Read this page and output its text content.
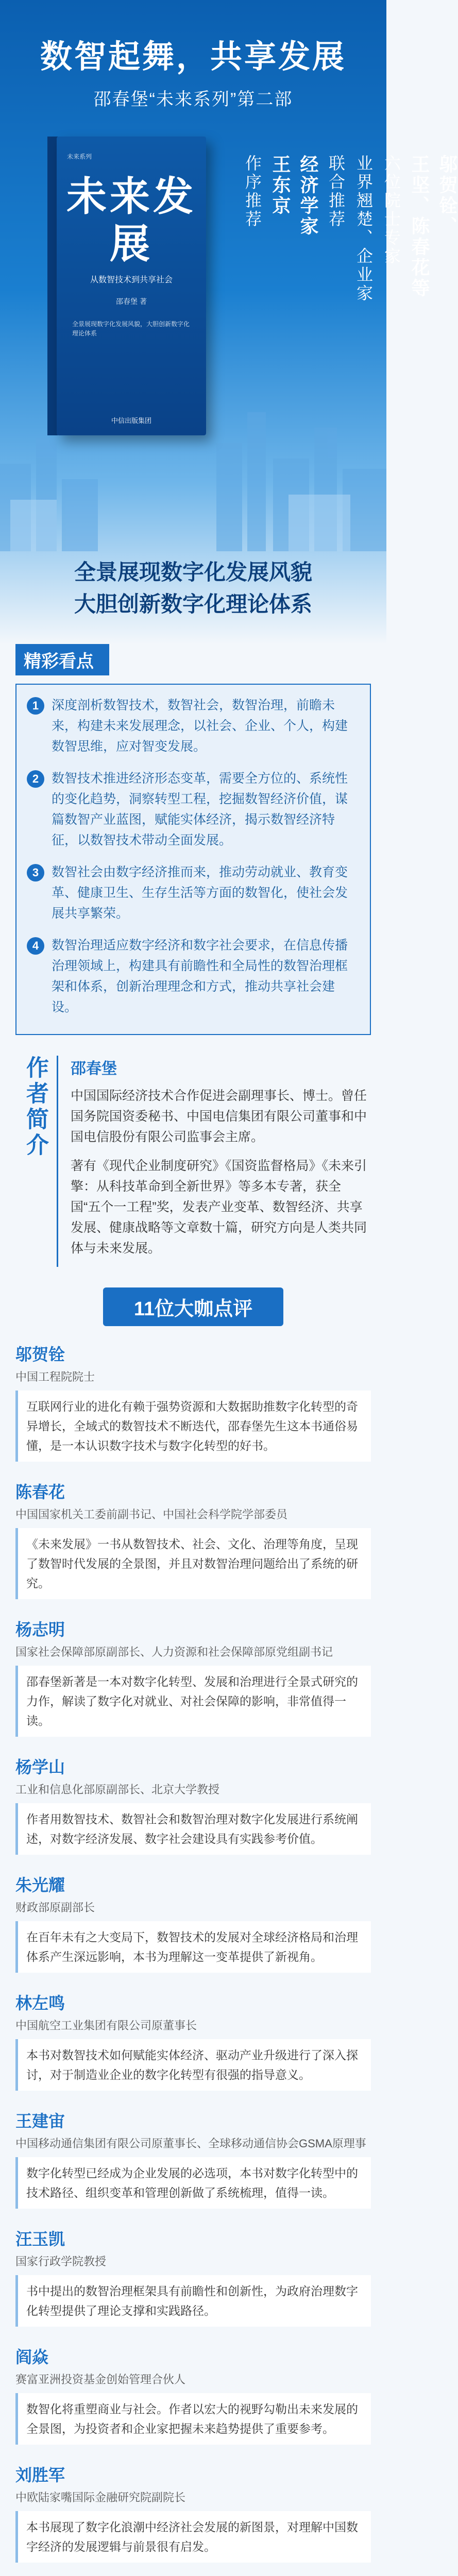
数智起舞，共享发展
邵春堡“未来系列”第二部
未来系列
未来发展
从数智技术到共享社会
邵春堡 著
全景展现数字化发展风貌，大胆创新数字化理论体系
中信出版集团
邬贺铨、
王坚、陈春花等
六位院士专家
业界翘楚、企业家
联合推荐
经济学家
王东京
作序推荐
全景展现数字化发展风貌
大胆创新数字化理论体系
精彩看点
1 深度剖析数智技术，数智社会，数智治理，前瞻未来，构建未来发展理念，以社会、企业、个人，构建数智思维，应对智变发展。
2 数智技术推进经济形态变革，需要全方位的、系统性的变化趋势，洞察转型工程，挖掘数智经济价值，谋篇数智产业蓝图，赋能实体经济，揭示数智经济特征，以数智技术带动全面发展。
3 数智社会由数字经济推而来，推动劳动就业、教育变革、健康卫生、生存生活等方面的数智化，使社会发展共享繁荣。
4 数智治理适应数字经济和数字社会要求，在信息传播治理领域上，构建具有前瞻性和全局性的数智治理框架和体系，创新治理理念和方式，推动共享社会建设。
作者简介	邵春堡

中国国际经济技术合作促进会副理事长、博士。曾任国务院国资委秘书、中国电信集团有限公司董事和中国电信股份有限公司监事会主席。

著有《现代企业制度研究》《国资监督格局》《未来引擎：从科技革命到全新世界》等多本专著，获全国“五个一工程”奖，发表产业变革、数智经济、共享发展、健康战略等文章数十篇，研究方向是人类共同体与未来发展。

11位大咖点评
邬贺铨
中国工程院院士
互联网行业的进化有赖于强势资源和大数据助推数字化转型的奇异增长，全域式的数智技术不断迭代，邵春堡先生这本书通俗易懂，是一本认识数字技术与数字化转型的好书。
陈春花
中国国家机关工委前副书记、中国社会科学院学部委员
《未来发展》一书从数智技术、社会、文化、治理等角度，呈现了数智时代发展的全景图，并且对数智治理问题给出了系统的研究。
杨志明
国家社会保障部原副部长、人力资源和社会保障部原党组副书记
邵春堡新著是一本对数字化转型、发展和治理进行全景式研究的力作，解读了数字化对就业、对社会保障的影响，非常值得一读。
杨学山
工业和信息化部原副部长、北京大学教授
作者用数智技术、数智社会和数智治理对数字化发展进行系统阐述，对数字经济发展、数字社会建设具有实践参考价值。
朱光耀
财政部原副部长
在百年未有之大变局下，数智技术的发展对全球经济格局和治理体系产生深远影响，本书为理解这一变革提供了新视角。
林左鸣
中国航空工业集团有限公司原董事长
本书对数智技术如何赋能实体经济、驱动产业升级进行了深入探讨，对于制造业企业的数字化转型有很强的指导意义。
王建宙
中国移动通信集团有限公司原董事长、全球移动通信协会GSMA原理事
数字化转型已经成为企业发展的必选项，本书对数字化转型中的技术路径、组织变革和管理创新做了系统梳理，值得一读。
汪玉凯
国家行政学院教授
书中提出的数智治理框架具有前瞻性和创新性，为政府治理数字化转型提供了理论支撑和实践路径。
阎焱
赛富亚洲投资基金创始管理合伙人
数智化将重塑商业与社会。作者以宏大的视野勾勒出未来发展的全景图，为投资者和企业家把握未来趋势提供了重要参考。
刘胜军
中欧陆家嘴国际金融研究院副院长
本书展现了数字化浪潮中经济社会发展的新图景，对理解中国数字经济的发展逻辑与前景很有启发。
